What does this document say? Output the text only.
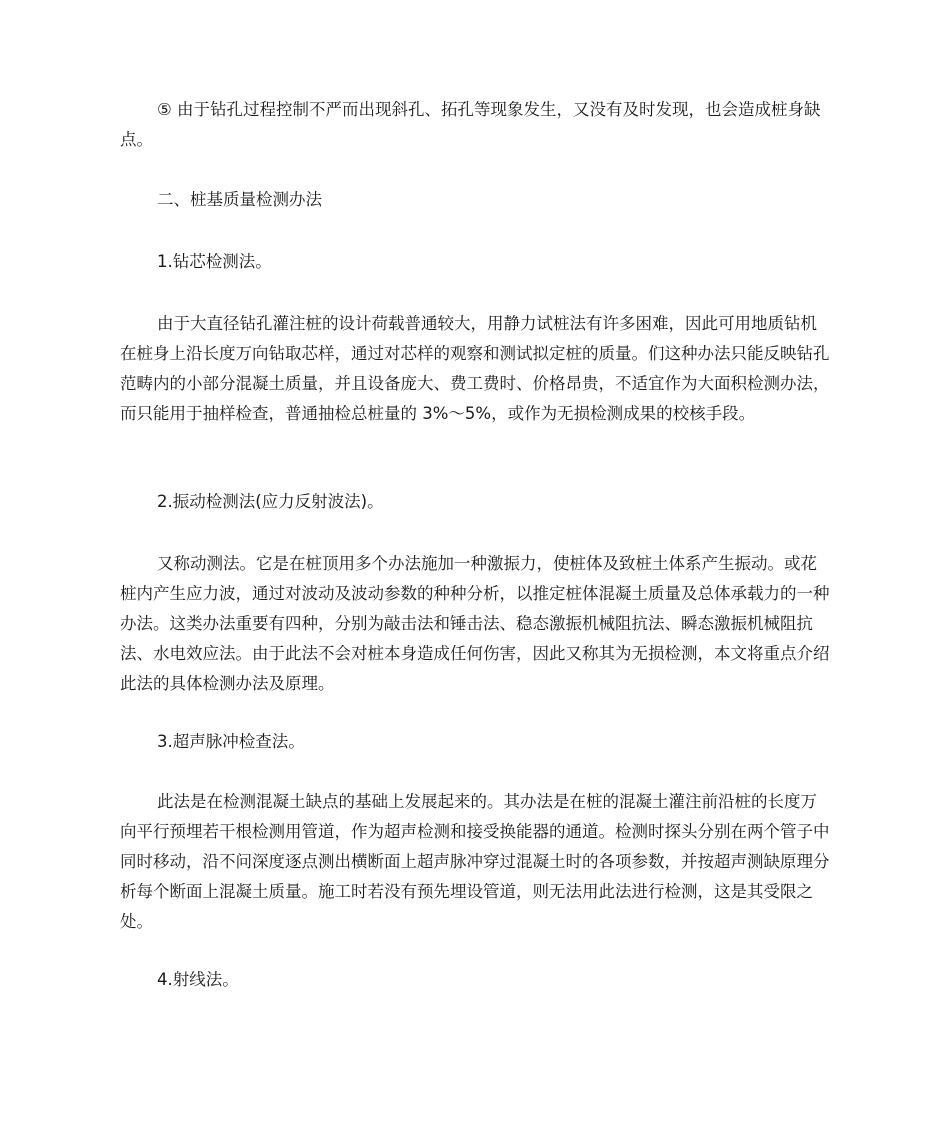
⑤ 由于钻孔过程控制不严而出现斜孔、拓孔等现象发生，又没有及时发现，也会造成桩身缺点。

二、桩基质量检测办法

1.钻芯检测法。

由于大直径钻孔灌注桩的设计荷载普通较大，用静力试桩法有许多困难，因此可用地质钻机在桩身上沿长度万向钻取芯样，通过对芯样的观察和测试拟定桩的质量。们这种办法只能反映钻孔范畴内的小部分混凝土质量，并且设备庞大、费工费时、价格昂贵，不适宜作为大面积检测办法，而只能用于抽样检查，普通抽检总桩量的 3%～5%，或作为无损检测成果的校核手段。

2.振动检测法(应力反射波法)。

又称动测法。它是在桩顶用多个办法施加一种激振力，使桩体及致桩土体系产生振动。或花桩内产生应力波，通过对波动及波动参数的种种分析，以推定桩体混凝土质量及总体承载力的一种办法。这类办法重要有四种，分别为敲击法和锤击法、稳态激振机械阻抗法、瞬态激振机械阻抗法、水电效应法。由于此法不会对桩本身造成任何伤害，因此又称其为无损检测，本文将重点介绍此法的具体检测办法及原理。

3.超声脉冲检查法。

此法是在检测混凝土缺点的基础上发展起来的。其办法是在桩的混凝土灌注前沿桩的长度万向平行预埋若干根检测用管道，作为超声检测和接受换能器的通道。检测时探头分别在两个管子中同时移动，沿不问深度逐点测出横断面上超声脉冲穿过混凝土时的各项参数，并按超声测缺原理分析每个断面上混凝土质量。施工时若没有预先埋设管道，则无法用此法进行检测，这是其受限之处。

4.射线法。
